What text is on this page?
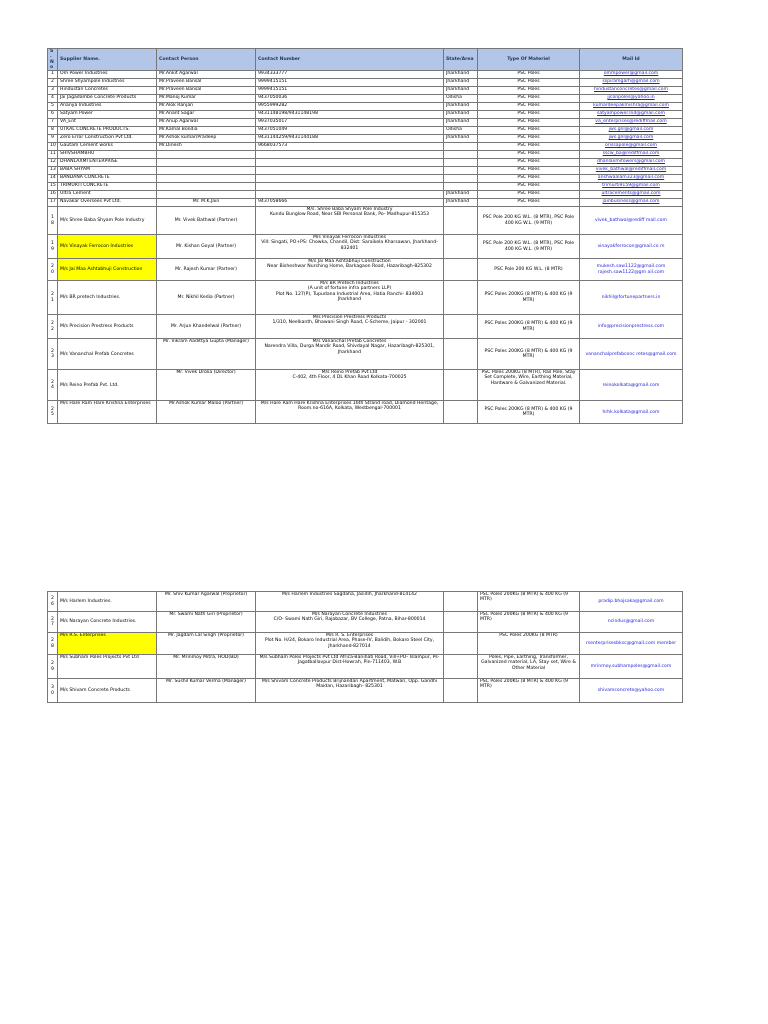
S.No	Supplier Name.	Contact Person	Contact Number	State/Area	Type Of Materiel	Mail Id
1	Om Power Industries	Mr.Ankit Agarwal	9934333777	Jharkhand	PSC Poles	ommpower@gmail.com
2	Shree Shyampole Industries	Mr.Praveen Bansal	9999415151	Jharkhand	PSC Poles	sspiramgarh@gmail.com
3	Hindustan Concretes	Mr.Praveen Bansal	9999415151	Jharkhand	PSC Poles	hindustanconcretes@gmail.com
4	Jai Jagadambe Concrete Products	Mr.Manoj Kumar	9437050036	Odisha	PSC Poles	jjconpoles@yahoo.in
5	Ananya Industries	Mr.Alok Ranjan	9955999282	Jharkhand	PSC Poles	kumardeepakmishra@gmail.com
6	Satyam Power	Mr.Anant Sagar	9431148198/9431148198	Jharkhand	PSC Poles	satyampower.lnd@gmail.com
7	VA_Ent	Mr.Anup Agarwal	9937035017	Jharkhand	PSC Poles	va_enterprises@rediffmail.com
8	UTKAL CONCRETE PRODUCTS.	Mr.Kamal Bondia	9437051049	Odisha	PSC Poles	jws.gnl@gmail.com
9	Zero Error Construction Pvt Ltd.	Mr.Ashok kumar/Pradeep	9431144259/9431144188	Jharkhand	PSC Poles	jws.gnl@gmail.com
10	Gautam Cement works	Mr.Dinesh	9668037573		PSC Poles	orissapole@gmail.com
11	SHIVSHAMBHU				PSC Poles	sscw_ba@rediffmail.com
12	DHANLAXMI ENTERPRISE				PSC Poles	dhanlaxmifowers@gmail.com
13	BABA SHYAM				PSC Poles	vivek_bathwal@rediffmail.com
14	BANDANA CONCRETE				PSC Poles	anshwaalam323@gmail.com
15	TRIMURTI CONCRETE				PSC Poles	trimurti9159@gmail.com
16	Ultra Cement			Jharkhand	PSC Poles	ultracements@gmail.com
17	Navakar Oversees Pvt Ltd.	Mr. M.K.Jain	9437058666	Jharkhand	PSC Poles	jainbusiness@gmail.com
18	M/s Shree Baba Shyam Pole Industry	Mr. Vivek Bathwal (Partner)	M/s. Shree Baba Shyam Pole Industry
Kundu Bunglow Road, Near SBI Personal Bank, Po- Madhupur-815353		PSC Pole 200 KG W.L. (8 MTR), PSC Pole 400 KG W.L. (9 MTR)	vivek_bathwal@rediff mail.com
19	M/s Vinayak Ferrocon Industries	Mr. Kishan Goyal (Partner)	M/s Vinayak Ferrocon Industries
Vill: Singati, PO+PS: Chowka, Chandil, Dist: Saraikela Kharsawan, Jharkhand-832401		PSC Pole 200 KG W.L. (8 MTR), PSC Pole 400 KG W.L. (9 MTR)	vinayakferrocon@gmail.co m
20	M/s Jai Maa Ashtabhuji Construction	Mr. Rajesh Kumar (Partner)	M/s Jai Maa Ashtabhuji Construction
Near Bisheshwar Nurshing Home, Barkagaon Road, Hazaribagh-825302		PSC Pole 200 KG W.L. (8 MTR)	mukesh.saw1122@gmail.com
rajesh.saw1122@gm ail.com
21	M/s BR pretech Industries.	Mr. Nikhil Kedia (Partner)	M/s BR Pretech Industries
(A unit of fortune infra partners LLP)
Plot No. 127(P), Tupudana Industrial Area, Hatia Ranchi- 834003
Jharkhand		PSC Poles 200KG (8 MTR) & 400 KG (9 MTR)	nikhil@fortunepartners.in
22	M/s Precision Prestress Products	Mr. Arjun Khandelwal (Partner)	M/s Precision Prestress Products
1/310, Neelkanth, Bhawani Singh Road, C-Scheme, Jaipur - 302001		PSC Poles 200KG (8 MTR) & 400 KG (9 MTR)	info@precisionprestress.com
23	M/s Vananchal Prefab Concretes	Mr. Vikram Aadittya Gupta (Manager)	M/s Vananchal Prefab Concretes
Narendra Villa, Durga Mandir Road, Shivdayal Nagar, Hazaribagh-825301,
Jharkhand		PSC Poles 200KG (8 MTR) & 400 KG (9 MTR)	vananchalprefabconc retes@gmail.com
24	M/s Reino Prefab Pvt. Ltd.	Mr. Vivek Drolia (Director)	M/s Reino Prefab Pvt Ltd
C-402, 4th Floor, 4 DL Khan Road Kolkata-700025		PSC Poles 200KG (8 MTR), Rail Pole, Stay Set Complete, Wire, Earthing Material, Hardware & Galvanized Material.	reinokolkata@gmail.com
25	M/s Hare Ram Hare Krishna Enterprises	Mr.Ashok Kumar Maloo (Partner)	M/s Hare Ram Hare Krishna Enterprises 16th Strand road, Diamond Heritage,
Room.no-616A, Kolkata, Westbengal-700001		PSC Poles 200KG (8 MTR) & 400 KG (9 MTR)	hrhk.kolkata@gmail.com
26	M/s Harlem Industries.	Mr. Shiv Kumar Agarwal (Proprietor)	M/s Harlem Industries Sagdaha, Jasidih, Jharkhand-814142		PSC Poles 200KG (8 MTR) & 400 KG (9 MTR)	pradip.bhojsaka@gmail.com
27	M/s Narayan Concrete Industries.	Mr. Swami Nath Giri (Proprietor)	M/s Narayan Concrete Industries
C/O- Swami Nath Giri, Rajabazar, BV College, Patna, Bihar-800014		PSC Poles 200KG (8 MTR) & 400 KG (9 MTR)	ncindus@gmail.com
28	M/s R.S. Enterprises	Mr. Jagdam Lal Singh (Proprietor)	M/s R. S. Enterprises
Plot No. H/24, Bokaro Industrial Area, Phase-IV, Balidih, Bokaro Steel City, Jharkhand-827014		PSC Poles 200KG (8 MTR)	rsenterprisesbksc@gmail.com member
29	M/s Subham Poles Projects Pvt Ltd	Mr. Mrinmoy Mitra, HOD(BD)	M/s Subham Poles Projects Pvt Ltd Africa-Banihati Road, Vill+PO- Islampur, Ps- Jagatballavpur Dist-Howrah, Pin-711403, W.B		Poles, Pipe, Earthing, Transformer, Galvanized material, LA, Stay set, Wire & Other Material	mrinmoy.subhampoles@gmail.com
30	M/s Shivam Concrete Products	Mr. Sushil Kumar Verma (Manager)	M/s Shivam Concrete Products Brijnandan Apartment, Matwari, Opp. Gandhi Maidan, Hazaribagh- 825301		PSC Poles 200KG (8 MTR) & 400 KG (9 MTR)	shivamconcrete@yahoo.com
